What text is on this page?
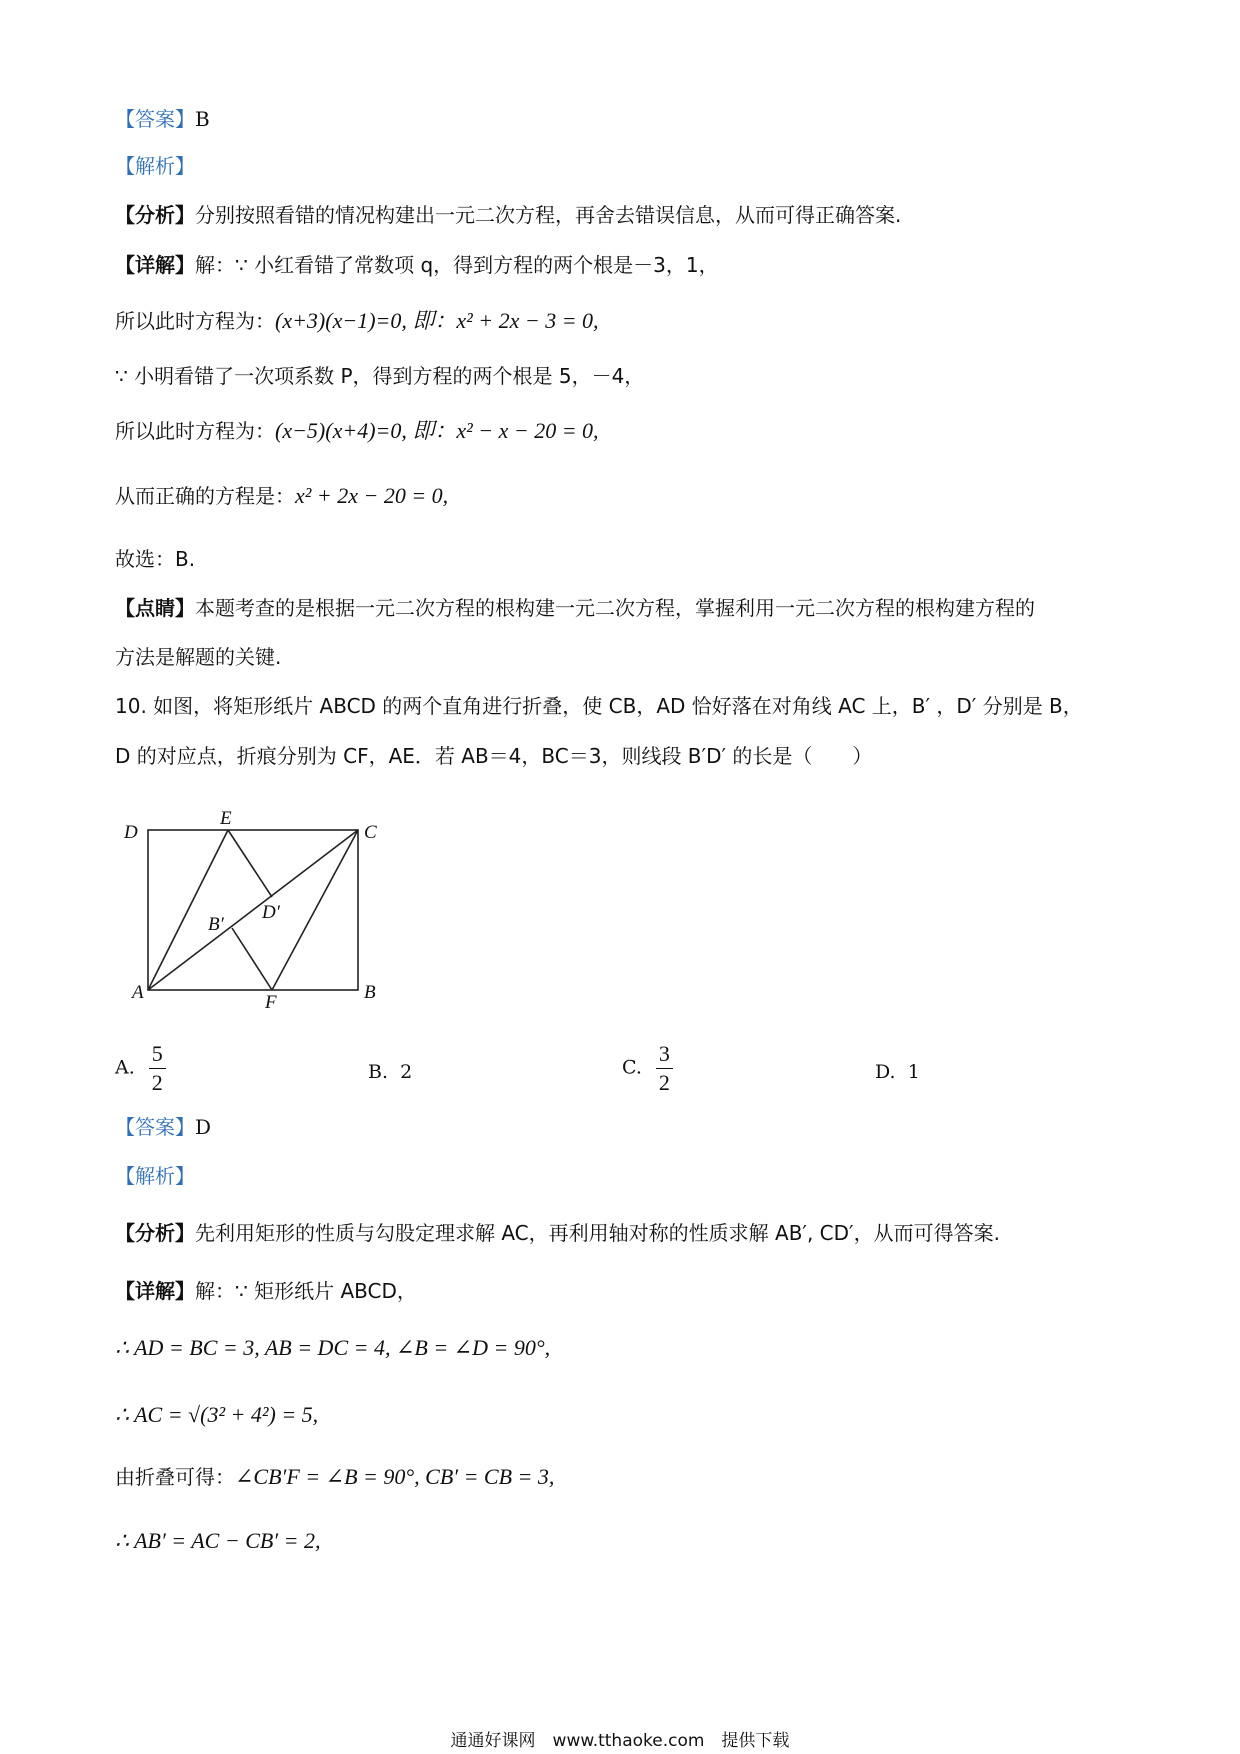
【答案】B
【解析】
【分析】分别按照看错的情况构建出一元二次方程，再舍去错误信息，从而可得正确答案.
【详解】解：∵ 小红看错了常数项 q，得到方程的两个根是－3，1，
所以此时方程为：(x+3)(x−1)=0, 即：x² + 2x − 3 = 0,
∵ 小明看错了一次项系数 P，得到方程的两个根是 5，－4，
所以此时方程为：(x−5)(x+4)=0, 即：x² − x − 20 = 0,
从而正确的方程是：x² + 2x − 20 = 0,
故选：B.
【点睛】本题考查的是根据一元二次方程的根构建一元二次方程，掌握利用一元二次方程的根构建方程的
方法是解题的关键.
10. 如图，将矩形纸片 ABCD 的两个直角进行折叠，使 CB，AD 恰好落在对角线 AC 上，B′ ，D′ 分别是 B，
D 的对应点，折痕分别为 CF，AE．若 AB＝4，BC＝3，则线段 B′D′ 的长是（　　）
D
E
C
B′
D′
A	B
F
A. $\frac{5}{2}$	B. 2	C. $\frac{3}{2}$	D. 1
【答案】D
【解析】
【分析】先利用矩形的性质与勾股定理求解 AC，再利用轴对称的性质求解 AB′, CD′，从而可得答案.
【详解】解：∵ 矩形纸片 ABCD，
∴ AD = BC = 3, AB = DC = 4, ∠B = ∠D = 90°,
∴ AC = √(3² + 4²) = 5,
由折叠可得：∠CB′F = ∠B = 90°, CB′ = CB = 3,
∴ AB′ = AC − CB′ = 2,
通通好课网　www.tthaoke.com　提供下载
